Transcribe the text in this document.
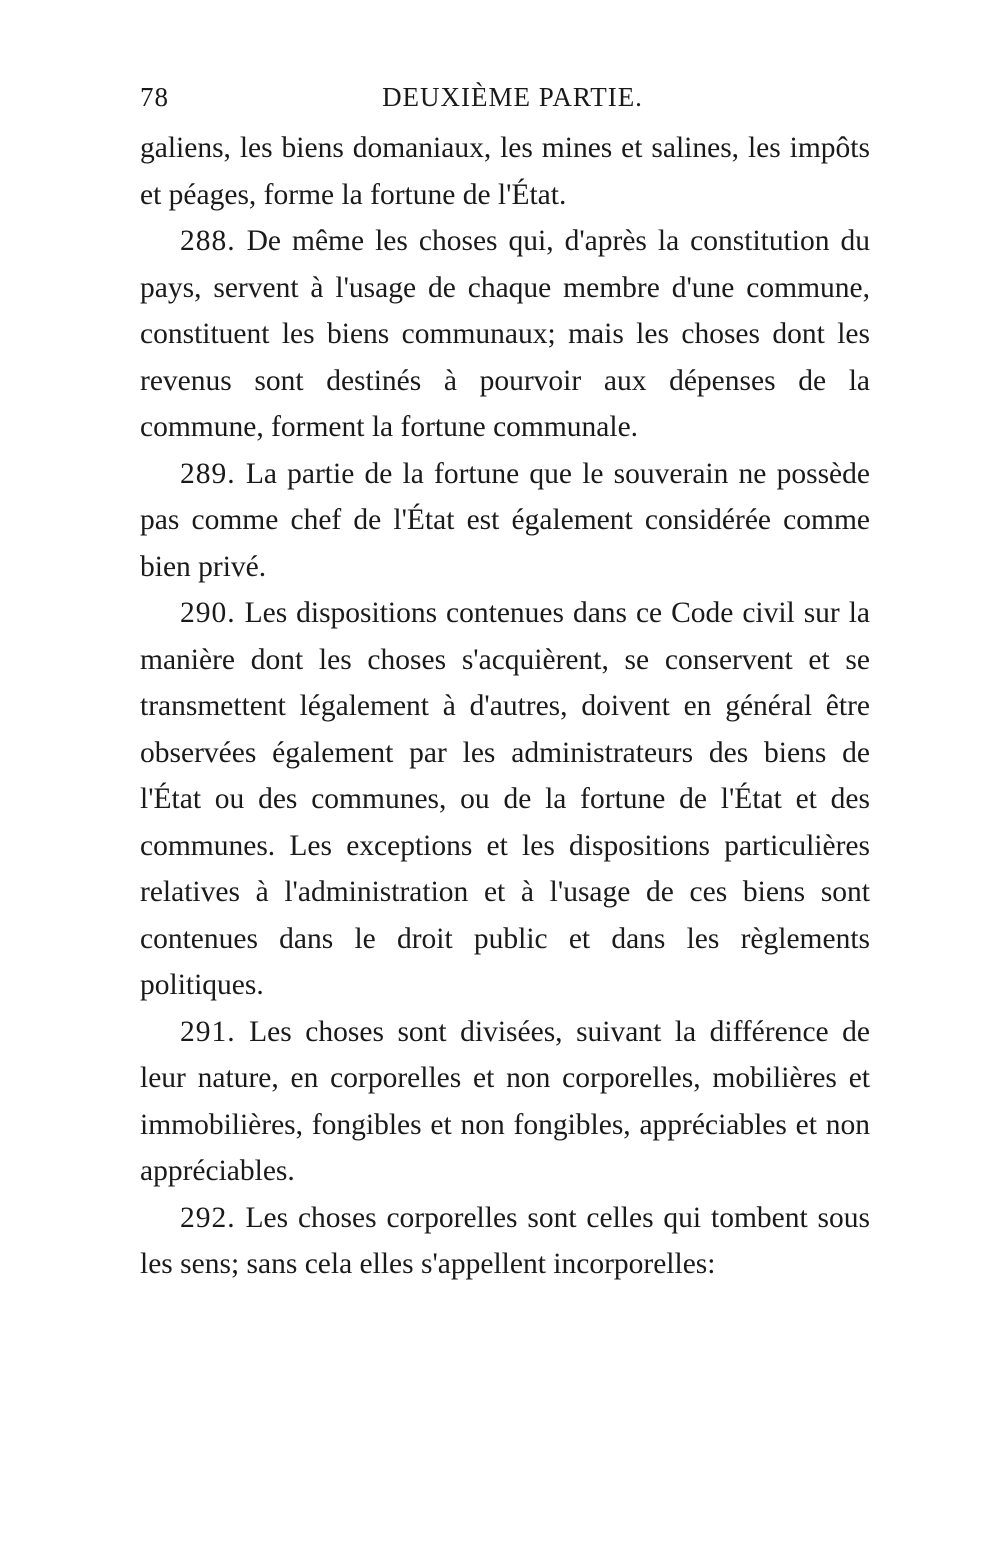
78	DEUXIÈME PARTIE.

galiens, les biens domaniaux, les mines et salines, les impôts et péages, forme la fortune de l'État.

288. De même les choses qui, d'après la constitution du pays, servent à l'usage de chaque membre d'une commune, constituent les biens communaux; mais les choses dont les revenus sont destinés à pourvoir aux dépenses de la commune, forment la fortune communale.

289. La partie de la fortune que le souverain ne possède pas comme chef de l'État est également considérée comme bien privé.

290. Les dispositions contenues dans ce Code civil sur la manière dont les choses s'acquièrent, se conservent et se transmettent légalement à d'autres, doivent en général être observées également par les administrateurs des biens de l'État ou des communes, ou de la fortune de l'État et des communes. Les exceptions et les dispositions particulières relatives à l'administration et à l'usage de ces biens sont contenues dans le droit public et dans les règlements politiques.

291. Les choses sont divisées, suivant la différence de leur nature, en corporelles et non corporelles, mobilières et immobilières, fongibles et non fongibles, appréciables et non appréciables.

292. Les choses corporelles sont celles qui tombent sous les sens; sans cela elles s'appellent incorporelles:
